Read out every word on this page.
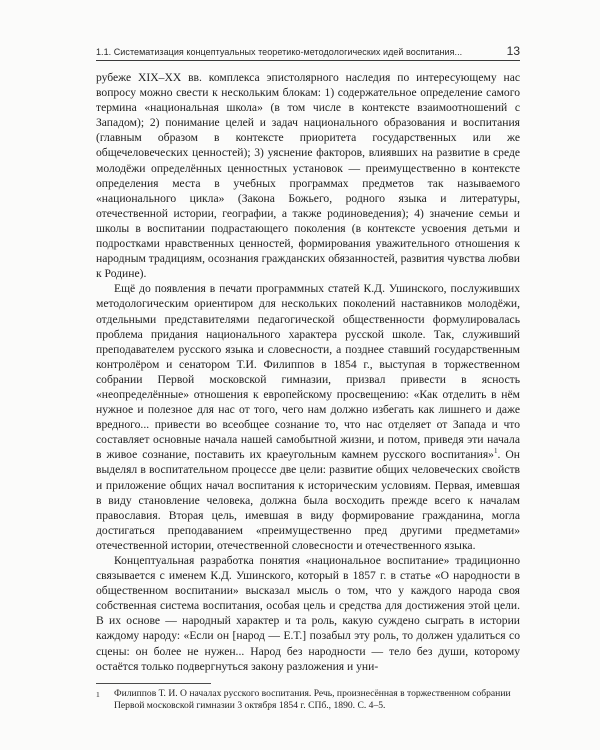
1.1. Систематизация концептуальных теоретико-методологических идей воспитания...	13

рубеже XIX–XX вв. комплекса эпистолярного наследия по интересующему нас вопросу можно свести к нескольким блокам: 1) содержательное определение самого термина «национальная школа» (в том числе в контексте взаимоотношений с Западом); 2) понимание целей и задач национального образования и воспитания (главным образом в контексте приоритета государственных или же общечеловеческих ценностей); 3) уяснение факторов, влиявших на развитие в среде молодёжи определённых ценностных установок — преимущественно в контексте определения места в учебных программах предметов так называемого «национального цикла» (Закона Божьего, родного языка и литературы, отечественной истории, географии, а также родиноведения); 4) значение семьи и школы в воспитании подрастающего поколения (в контексте усвоения детьми и подростками нравственных ценностей, формирования уважительного отношения к народным традициям, осознания гражданских обязанностей, развития чувства любви к Родине).

Ещё до появления в печати программных статей К.Д. Ушинского, послуживших методологическим ориентиром для нескольких поколений наставников молодёжи, отдельными представителями педагогической общественности формулировалась проблема придания национального характера русской школе. Так, служивший преподавателем русского языка и словесности, а позднее ставший государственным контролёром и сенатором Т.И. Филиппов в 1854 г., выступая в торжественном собрании Первой московской гимназии, призвал привести в ясность «неопределённые» отношения к европейскому просвещению: «Как отделить в нём нужное и полезное для нас от того, чего нам должно избегать как лишнего и даже вредного... привести во всеобщее сознание то, что нас отделяет от Запада и что составляет основные начала нашей самобытной жизни, и потом, приведя эти начала в живое сознание, поставить их краеугольным камнем русского воспитания»$^1$. Он выделял в воспитательном процессе две цели: развитие общих человеческих свойств и приложение общих начал воспитания к историческим условиям. Первая, имевшая в виду становление человека, должна была восходить прежде всего к началам православия. Вторая цель, имевшая в виду формирование гражданина, могла достигаться преподаванием «преимущественно пред другими предметами» отечественной истории, отечественной словесности и отечественного языка.

Концептуальная разработка понятия «национальное воспитание» традиционно связывается с именем К.Д. Ушинского, который в 1857 г. в статье «О народности в общественном воспитании» высказал мысль о том, что у каждого народа своя собственная система воспитания, особая цель и средства для достижения этой цели. В их основе — народный характер и та роль, какую суждено сыграть в истории каждому народу: «Если он [народ — Е.Т.] позабыл эту роль, то должен удалиться со сцены: он более не нужен... Народ без народности — тело без души, которому остаётся только подвергнуться закону разложения и уни-

1	Филиппов Т. И. О началах русского воспитания. Речь, произнесённая в торжественном собрании Первой московской гимназии 3 октября 1854 г. СПб., 1890. С. 4–5.
